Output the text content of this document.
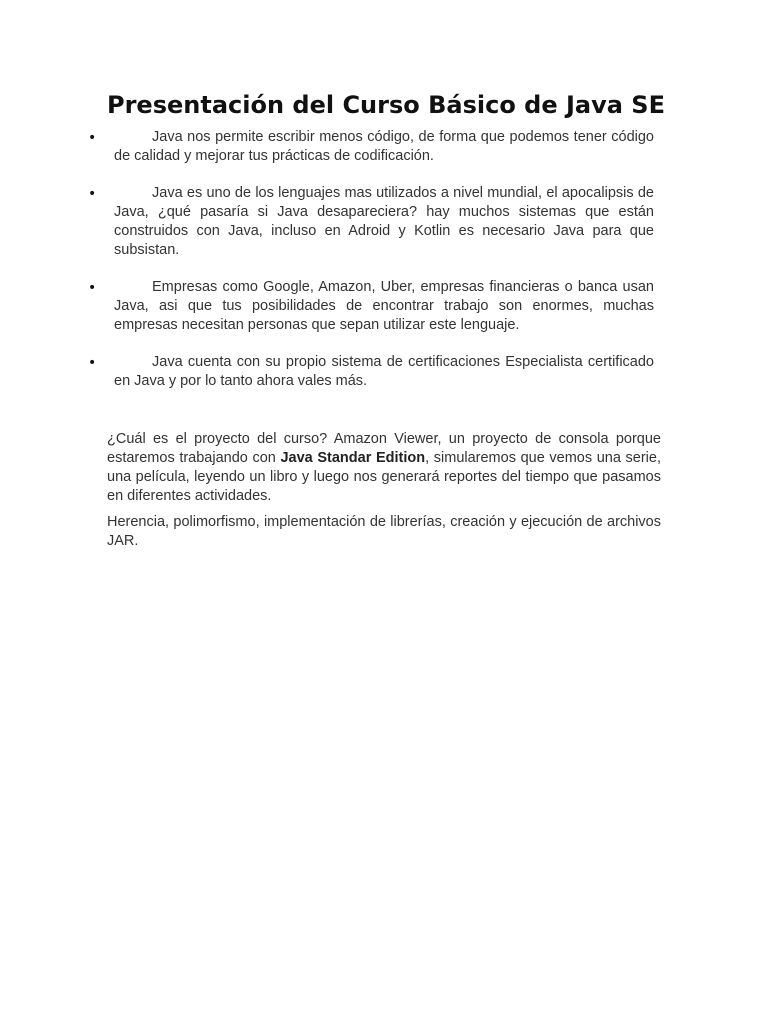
Presentación del Curso Básico de Java SE
•	Java nos permite escribir menos código, de forma que podemos tener código de calidad y mejorar tus prácticas de codificación.
•	Java es uno de los lenguajes mas utilizados a nivel mundial, el apocalipsis de Java, ¿qué pasaría si Java desapareciera? hay muchos sistemas que están construidos con Java, incluso en Adroid y Kotlin es necesario Java para que subsistan.
•	Empresas como Google, Amazon, Uber, empresas financieras o banca usan Java, asi que tus posibilidades de encontrar trabajo son enormes, muchas empresas necesitan personas que sepan utilizar este lenguaje.
•	Java cuenta con su propio sistema de certificaciones Especialista certificado en Java y por lo tanto ahora vales más.

¿Cuál es el proyecto del curso? Amazon Viewer, un proyecto de consola porque estaremos trabajando con Java Standar Edition, simularemos que vemos una serie, una película, leyendo un libro y luego nos generará reportes del tiempo que pasamos en diferentes actividades.

Herencia, polimorfismo, implementación de librerías, creación y ejecución de archivos JAR.
